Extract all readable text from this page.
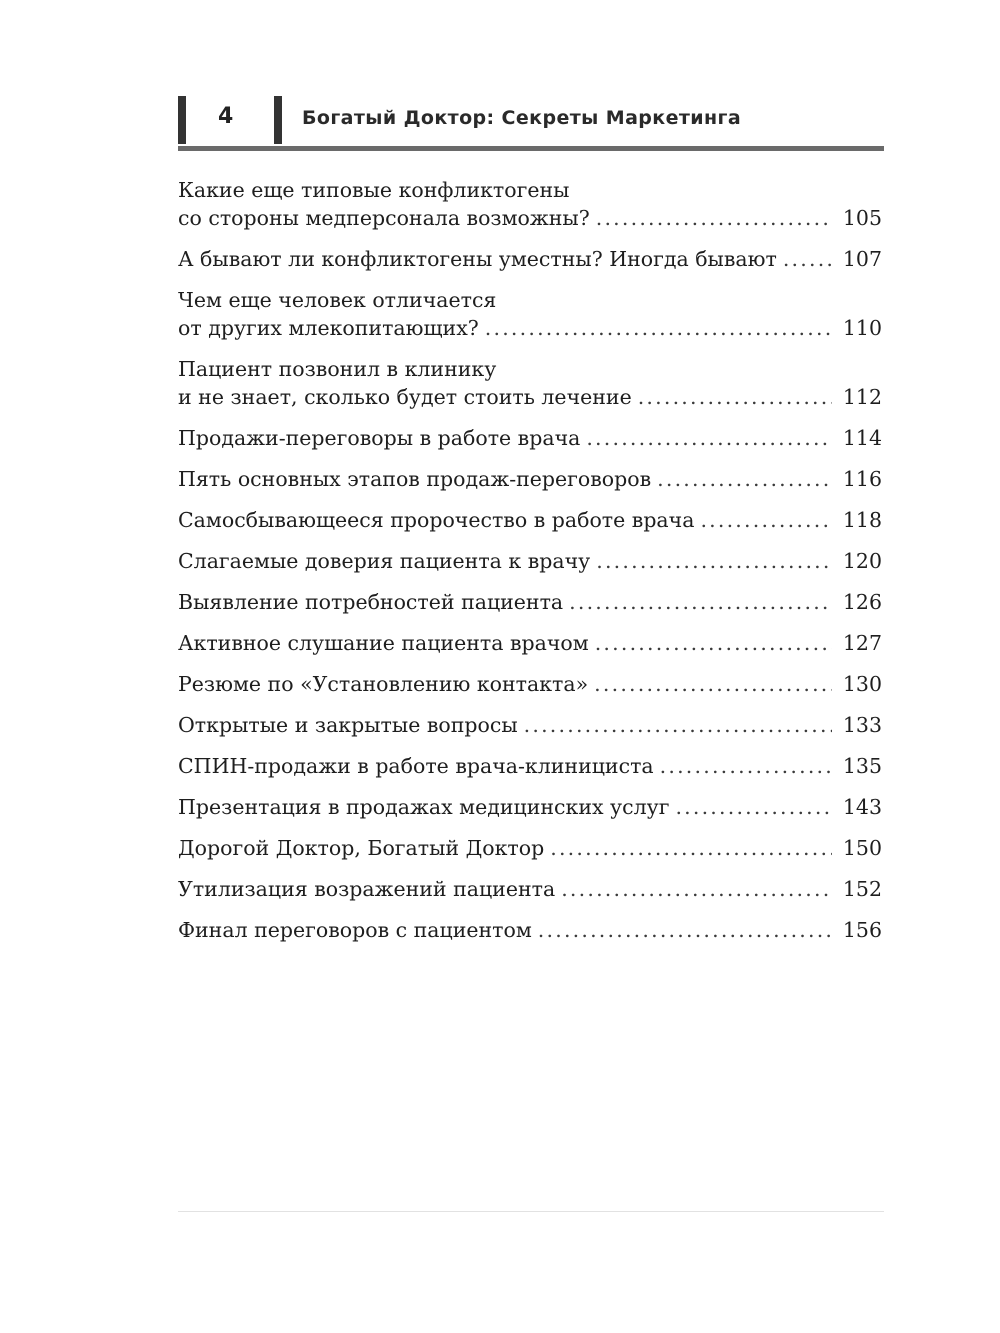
4	Богатый Доктор: Секреты Маркетинга
Какие еще типовые конфликтогены
со стороны медперсонала возможны? .....	105
А бывают ли конфликтогены уместны? Иногда бывают .....	107
Чем еще человек отличается
от других млекопитающих? .....	110
Пациент позвонил в клинику
и не знает, сколько будет стоить лечение .....	112
Продажи-переговоры в работе врача .....	114
Пять основных этапов продаж-переговоров .....	116
Самосбывающееся пророчество в работе врача .....	118
Слагаемые доверия пациента к врачу .....	120
Выявление потребностей пациента .....	126
Активное слушание пациента врачом .....	127
Резюме по «Установлению контакта» .....	130
Открытые и закрытые вопросы .....	133
СПИН-продажи в работе врача-клинициста .....	135
Презентация в продажах медицинских услуг .....	143
Дорогой Доктор, Богатый Доктор .....	150
Утилизация возражений пациента .....	152
Финал переговоров с пациентом .....	156
